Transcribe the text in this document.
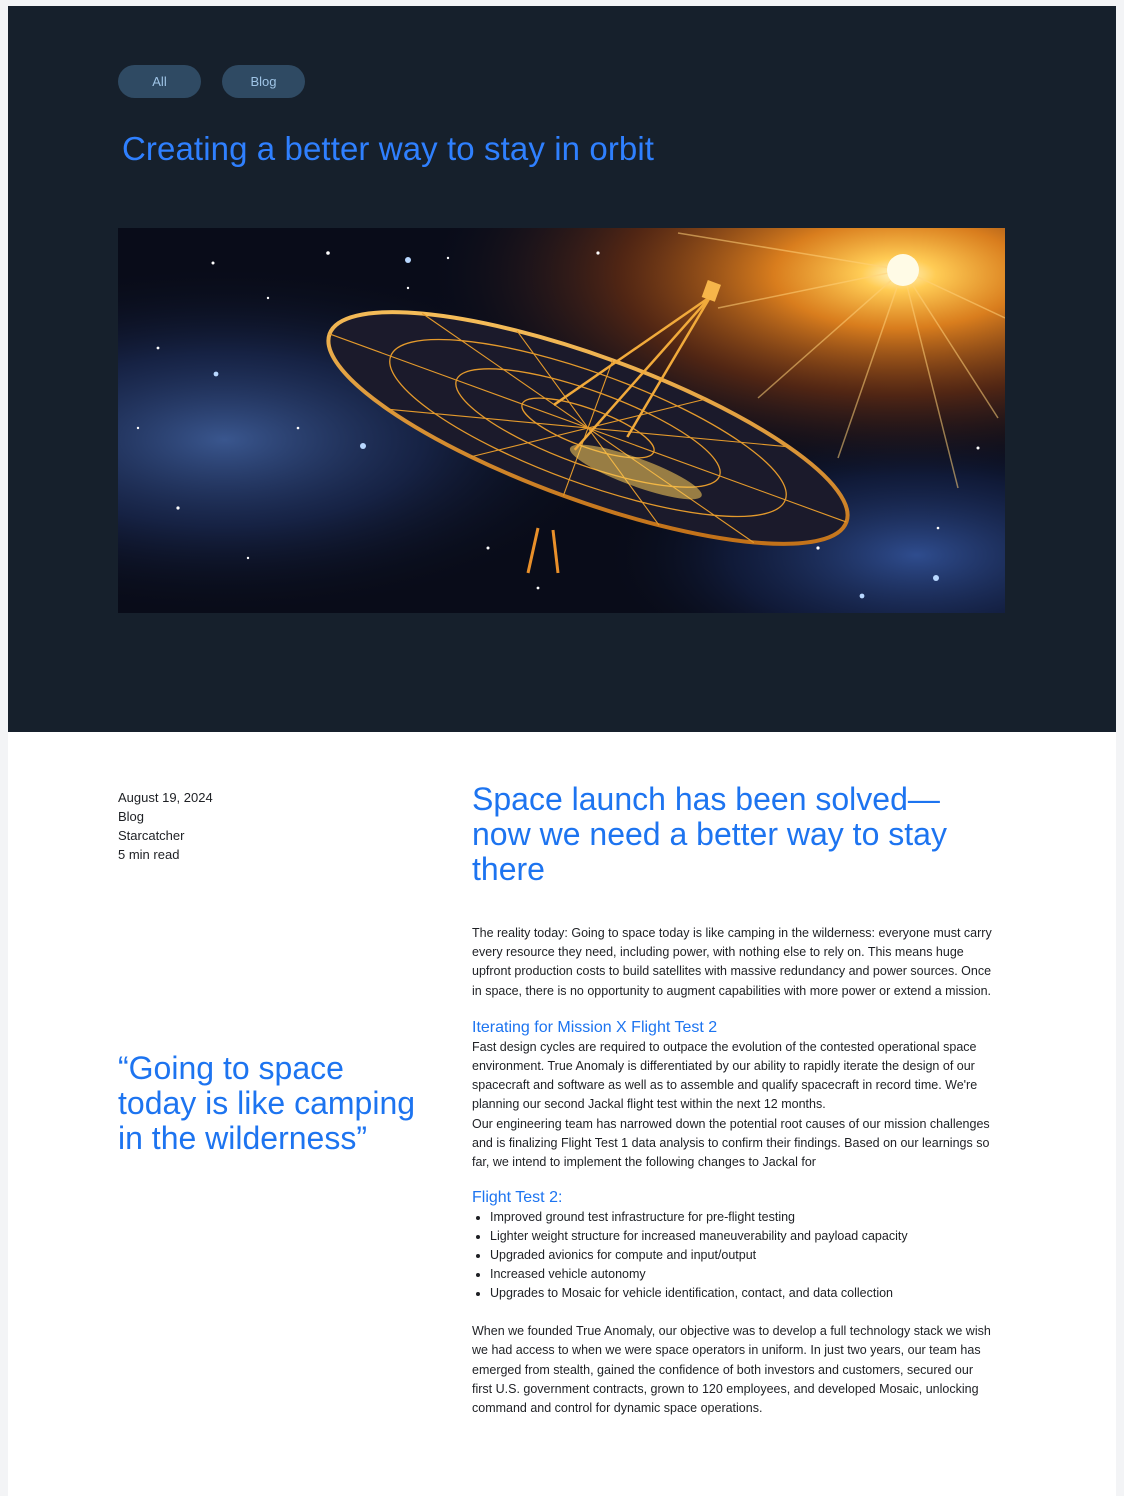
All	Blog
Creating a better way to stay in orbit
August 19, 2024
Blog
Starcatcher
5 min read
“Going to space today is like camping in the wilderness”
Space launch has been solved—now we need a better way to stay there

The reality today: Going to space today is like camping in the wilderness: everyone must carry every resource they need, including power, with nothing else to rely on. This means huge upfront production costs to build satellites with massive redundancy and power sources. Once in space, there is no opportunity to augment capabilities with more power or extend a mission.

Iterating for Mission X Flight Test 2

Fast design cycles are required to outpace the evolution of the contested operational space environment. True Anomaly is differentiated by our ability to rapidly iterate the design of our spacecraft and software as well as to assemble and qualify spacecraft in record time. We're planning our second Jackal flight test within the next 12 months.

Our engineering team has narrowed down the potential root causes of our mission challenges and is finalizing Flight Test 1 data analysis to confirm their findings. Based on our learnings so far, we intend to implement the following changes to Jackal for

Flight Test 2:
• Improved ground test infrastructure for pre-flight testing
• Lighter weight structure for increased maneuverability and payload capacity
• Upgraded avionics for compute and input/output
• Increased vehicle autonomy
• Upgrades to Mosaic for vehicle identification, contact, and data collection

When we founded True Anomaly, our objective was to develop a full technology stack we wish we had access to when we were space operators in uniform. In just two years, our team has emerged from stealth, gained the confidence of both investors and customers, secured our first U.S. government contracts, grown to 120 employees, and developed Mosaic, unlocking command and control for dynamic space operations.
